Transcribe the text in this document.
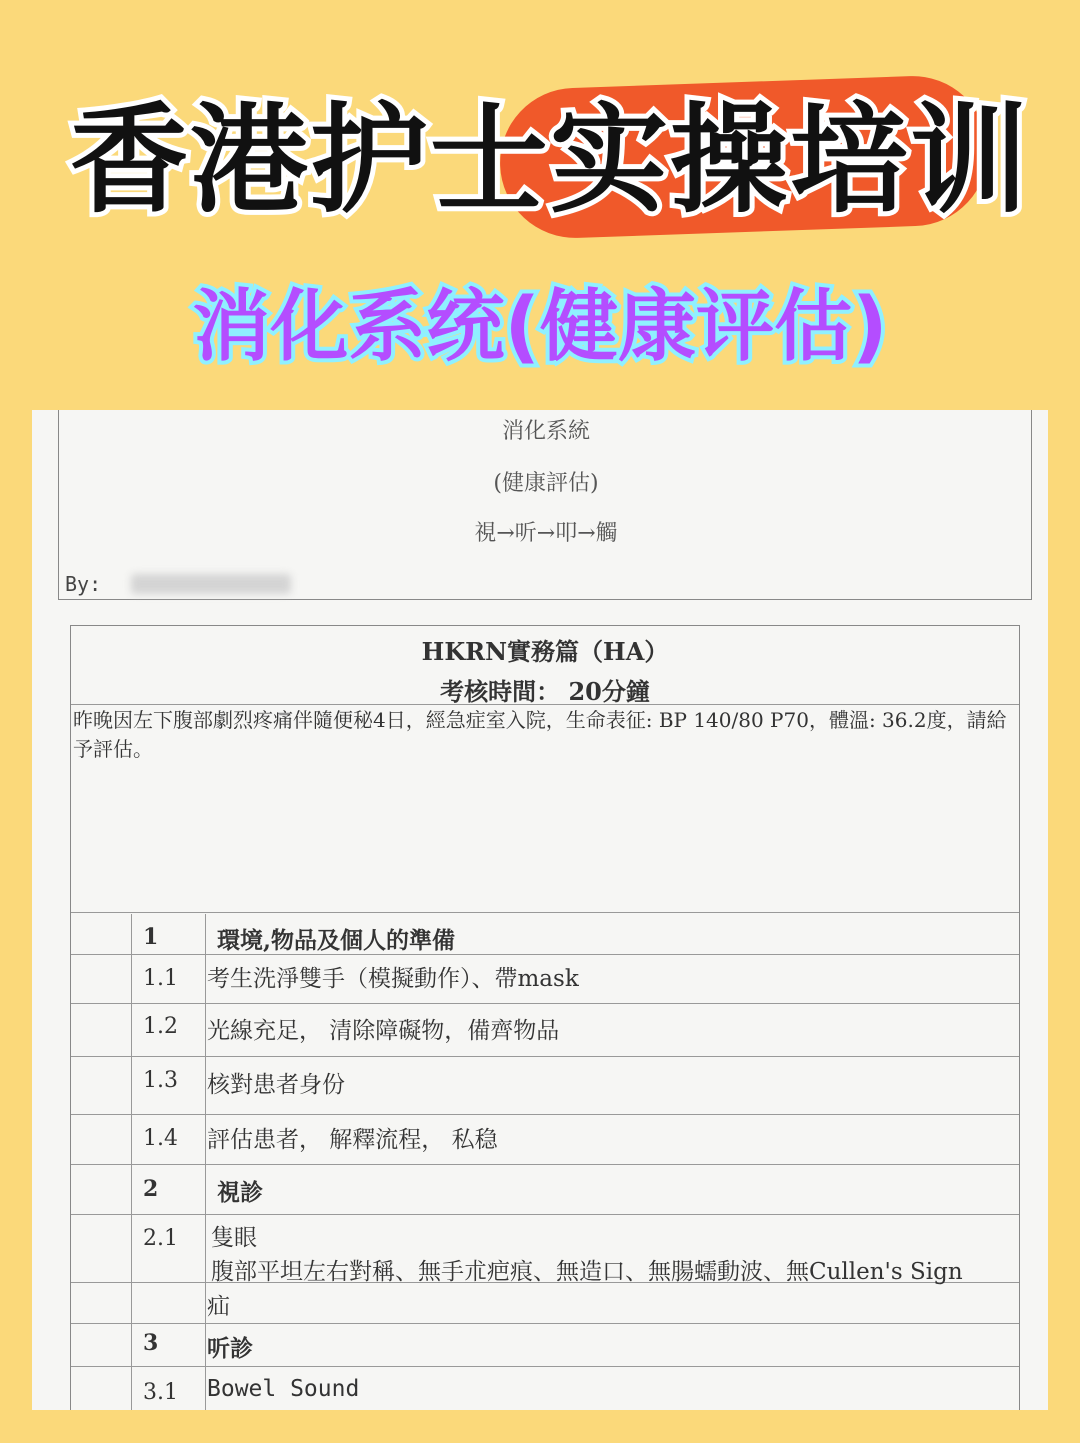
香港护士实操培训
消化系统(健康评估)
消化系統
(健康評估)
視→听→叩→觸
By:
HKRN實務篇（HA）
考核時間： 20分鐘
昨晚因左下腹部劇烈疼痛伴隨便秘4日，經急症室入院，生命表征: BP 140/80 P70，體溫: 36.2度，請給予評估。
1	環境,物品及個人的準備
1.1 考生洗淨雙手（模擬動作）、帶mask
1.2 光線充足， 清除障礙物，備齊物品
1.3 核對患者身份
1.4 評估患者， 解釋流程， 私稳
2	視診
2.1 隻眼
腹部平坦左右對稱、無手朮疤痕、無造口、無腸蠕動波、無Cullen's Sign
疝
3 听診
3.1 Bowel Sound
